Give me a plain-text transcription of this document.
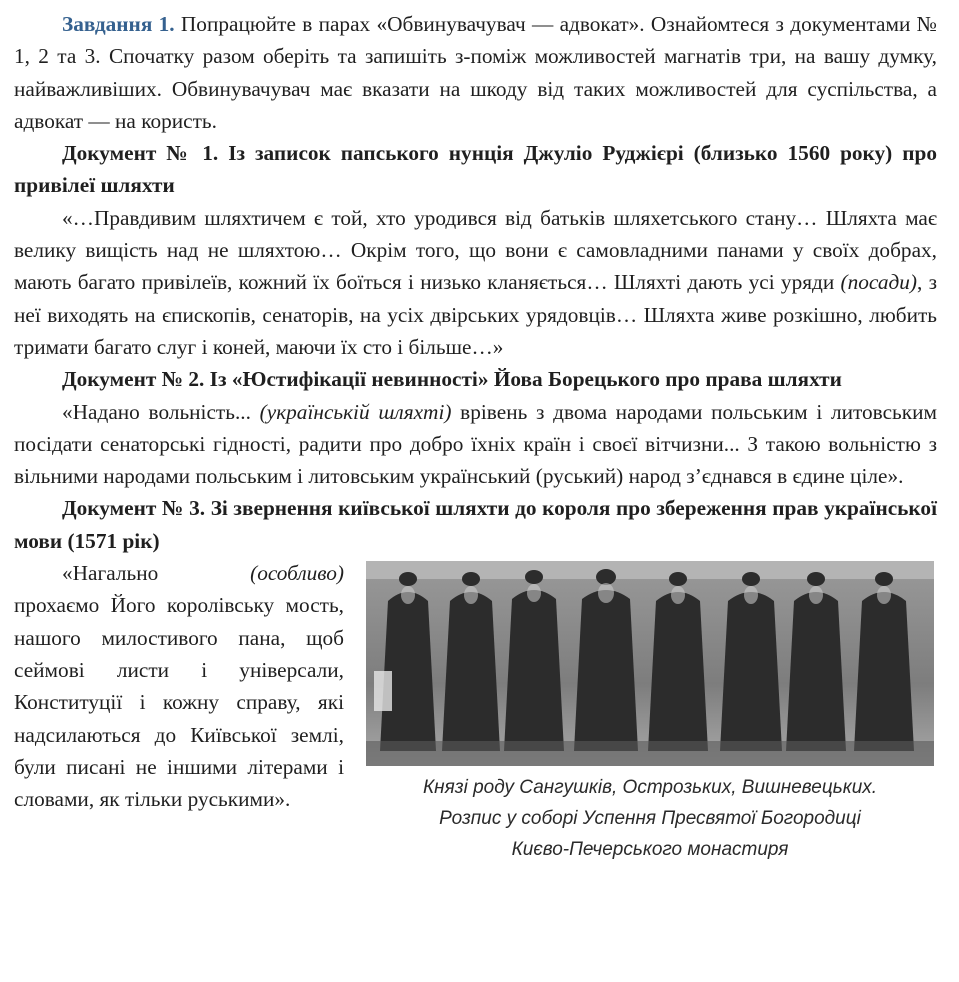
Завдання 1. Попрацюйте в парах «Обвинувачувач — адвокат». Ознайомтеся з документами № 1, 2 та 3. Спочатку разом оберіть та запишіть з-поміж можливостей магнатів три, на вашу думку, найважливіших. Обвинувачувач має вказати на шкоду від таких можливостей для суспільства, а адвокат — на користь.

Документ № 1. Із записок папського нунція Джуліо Руджієрі (близько 1560 року) про привілеї шляхти

«…Правдивим шляхтичем є той, хто уродився від батьків шляхетського стану… Шляхта має велику вищість над не шляхтою… Окрім того, що вони є самовладними панами у своїх добрах, мають багато привілеїв, кожний їх боїться і низько кланяється… Шляхті дають усі уряди (посади), з неї виходять на єпископів, сенаторів, на усіх двірських урядовців… Шляхта живе розкішно, любить тримати багато слуг і коней, маючи їх сто і більше…»

Документ № 2. Із «Юстифікації невинності» Йова Борецького про права шляхти

«Надано вольність... (українській шляхті) врівень з двома народами польським і литовським посідати сенаторські гідності, радити про добро їхніх країн і своєї вітчизни... З такою вольністю з вільними народами польським і литовським український (руський) народ з’єднався в єдине ціле».

Документ № 3. Зі звернення київської шляхти до короля про збереження прав української мови (1571 рік)

«Нагально (особливо) прохаємо Його королівську мость, нашого милостивого пана, щоб сеймові листи і універсали, Конституції і кожну справу, які надсилаються до Київської землі, були писані не іншими літерами і словами, як тільки руськими».	Князі роду Сангушків, Острозьких, Вишневецьких.
Розпис у соборі Успення Пресвятої Богородиці
Києво-Печерського монастиря
